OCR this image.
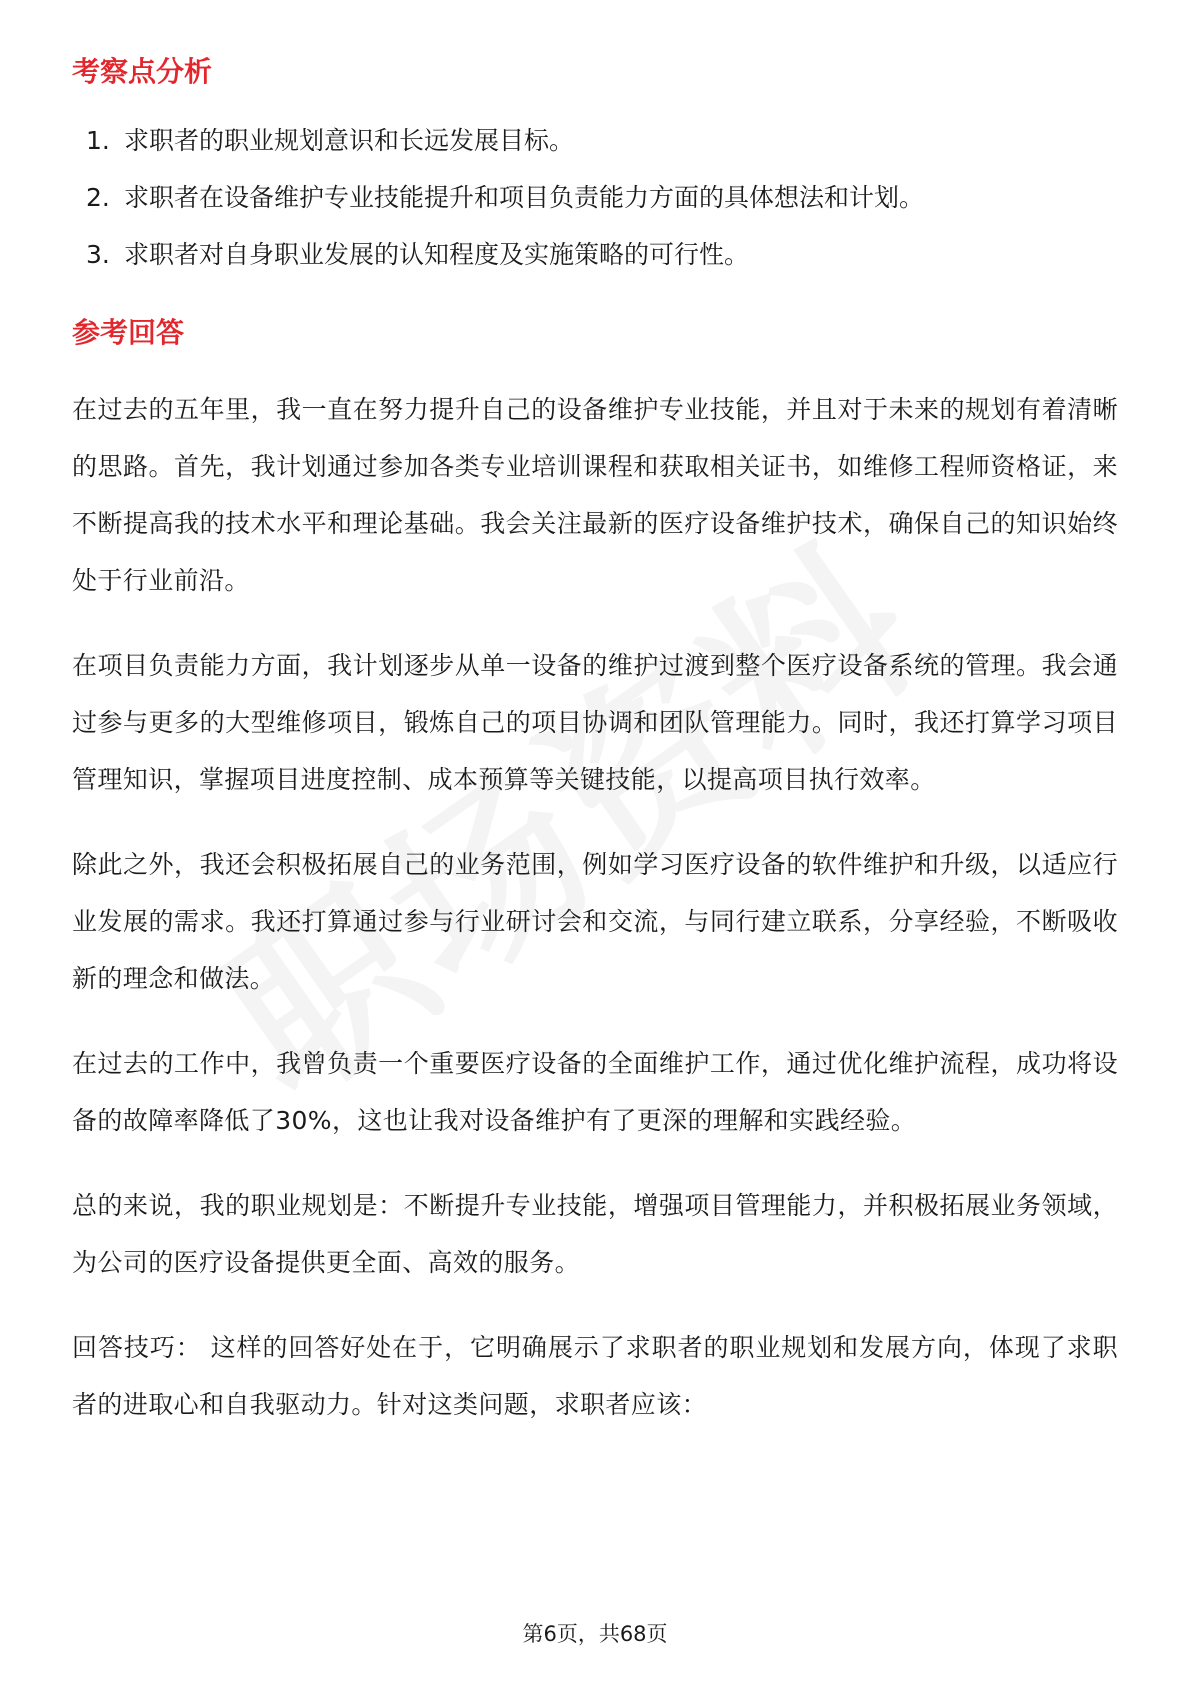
考察点分析
1. 求职者的职业规划意识和长远发展目标。
2. 求职者在设备维护专业技能提升和项目负责能力方面的具体想法和计划。
3. 求职者对自身职业发展的认知程度及实施策略的可行性。
参考回答

在过去的五年里，我一直在努力提升自己的设备维护专业技能，并且对于未来的规划有着清晰的思路。首先，我计划通过参加各类专业培训课程和获取相关证书，如维修工程师资格证，来不断提高我的技术水平和理论基础。我会关注最新的医疗设备维护技术，确保自己的知识始终处于行业前沿。

在项目负责能力方面，我计划逐步从单一设备的维护过渡到整个医疗设备系统的管理。我会通过参与更多的大型维修项目，锻炼自己的项目协调和团队管理能力。同时，我还打算学习项目管理知识，掌握项目进度控制、成本预算等关键技能，以提高项目执行效率。

除此之外，我还会积极拓展自己的业务范围，例如学习医疗设备的软件维护和升级，以适应行业发展的需求。我还打算通过参与行业研讨会和交流，与同行建立联系，分享经验，不断吸收新的理念和做法。

在过去的工作中，我曾负责一个重要医疗设备的全面维护工作，通过优化维护流程，成功将设备的故障率降低了30%，这也让我对设备维护有了更深的理解和实践经验。

总的来说，我的职业规划是：不断提升专业技能，增强项目管理能力，并积极拓展业务领域，为公司的医疗设备提供更全面、高效的服务。

回答技巧： 这样的回答好处在于，它明确展示了求职者的职业规划和发展方向，体现了求职者的进取心和自我驱动力。针对这类问题，求职者应该：

第6页，共68页
